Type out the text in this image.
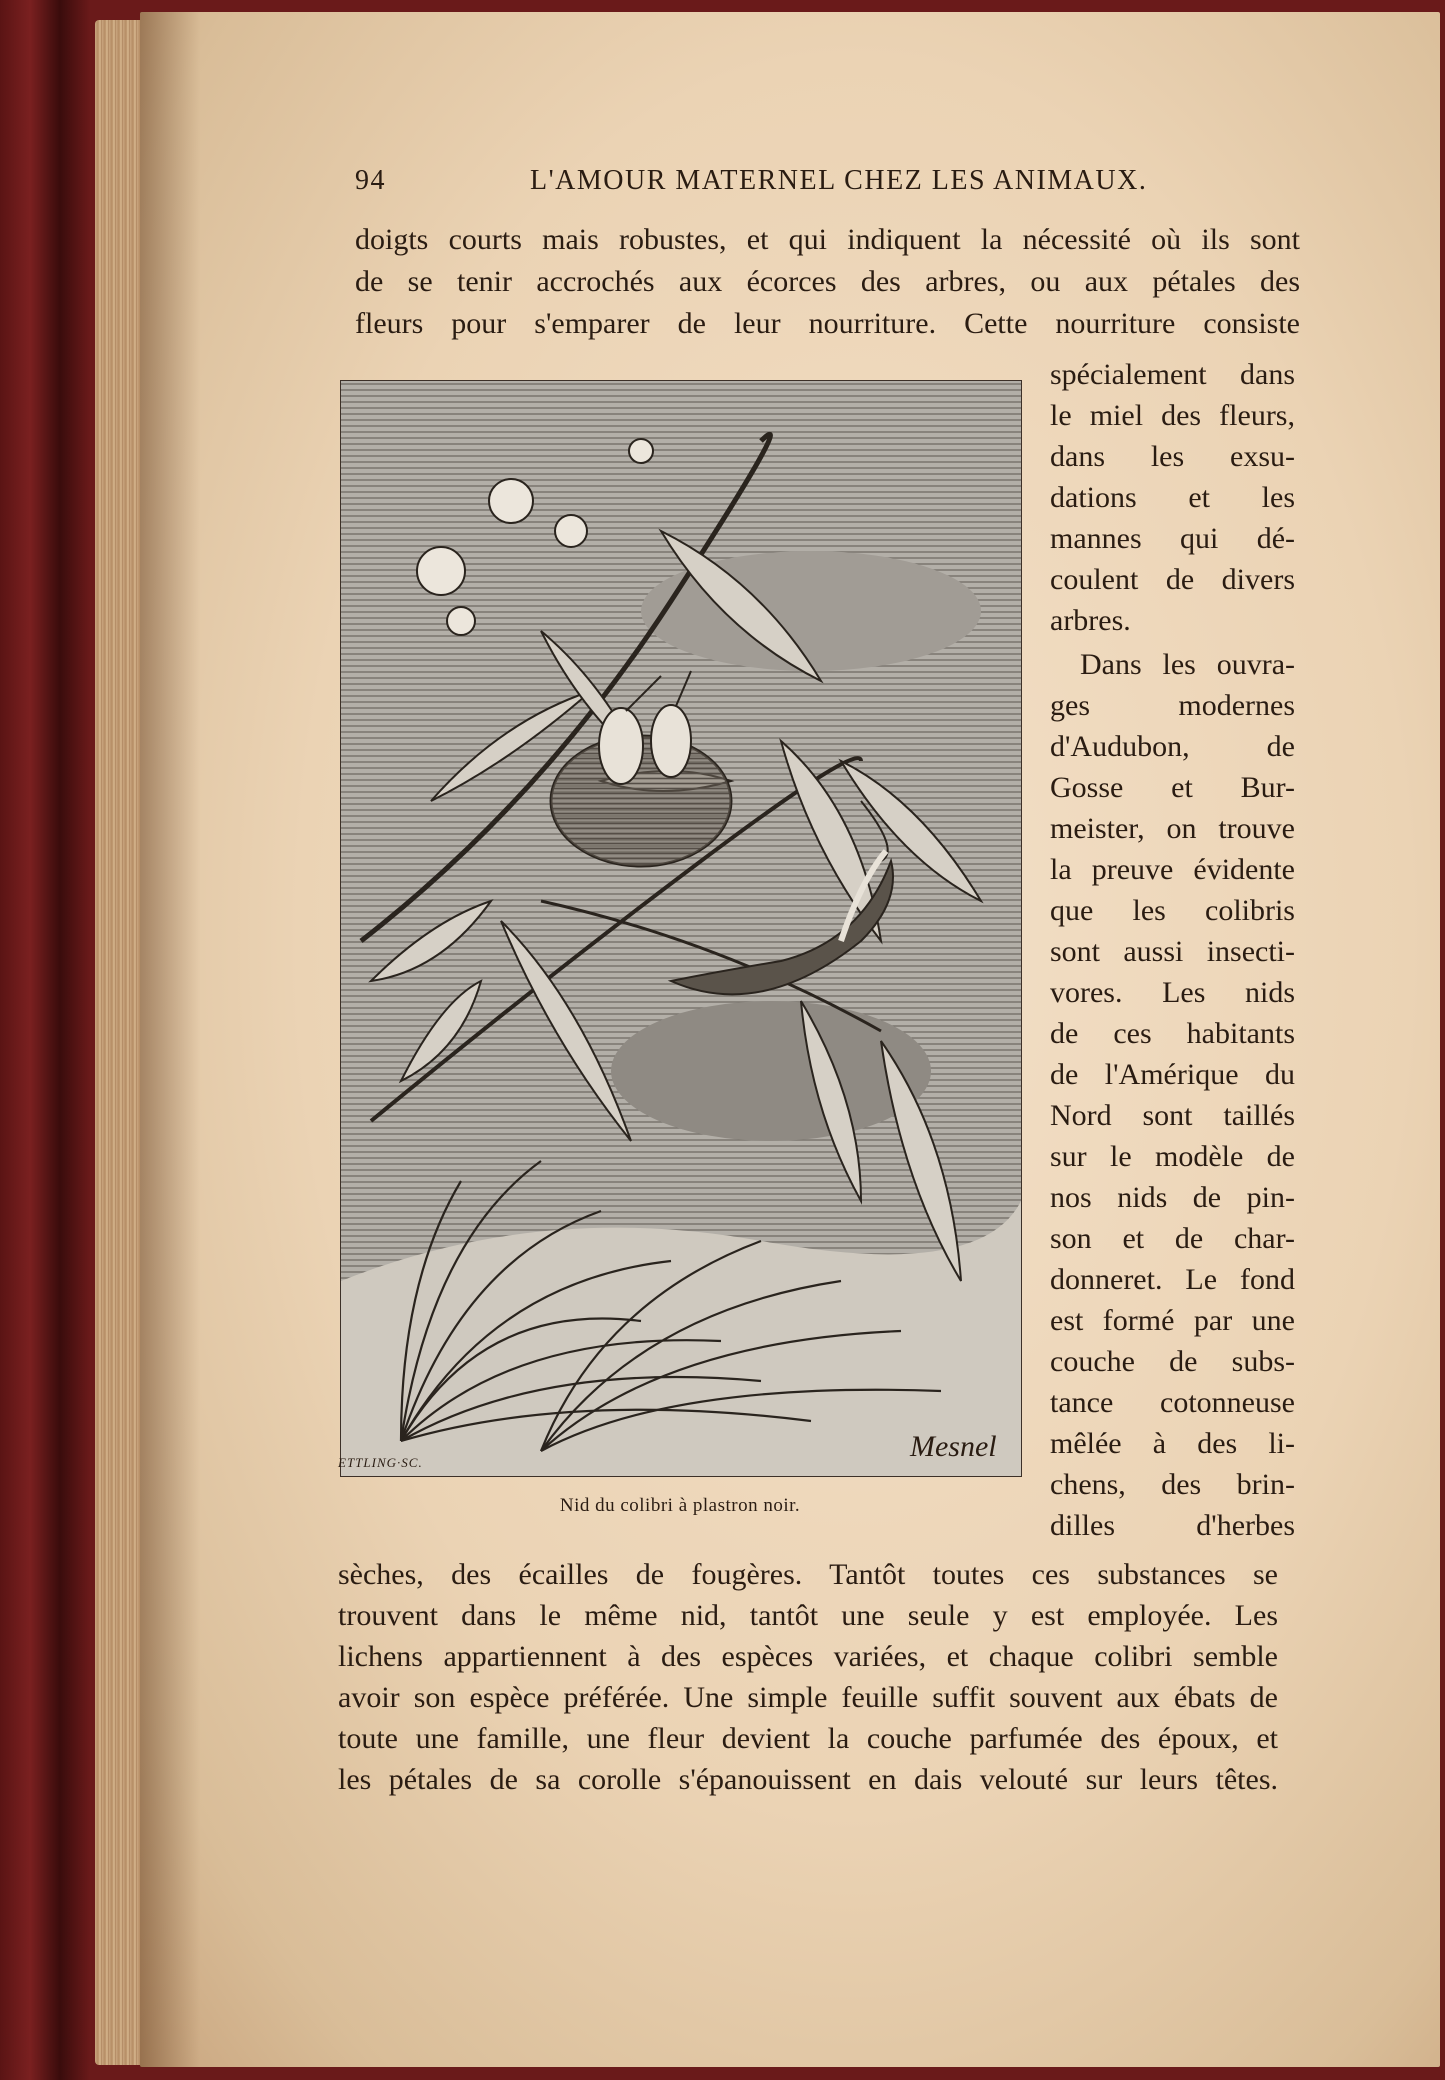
94	L'AMOUR MATERNEL CHEZ LES ANIMAUX.
doigts courts mais robustes, et qui indiquent la nécessité où ils sont
de se tenir accrochés aux écorces des arbres, ou aux pétales des
fleurs pour s'emparer de leur nourriture. Cette nourriture consiste
ETTLING·SC.	Mesnel
Nid du colibri à plastron noir.
spécialement dans
le miel des fleurs,
dans les exsu-
dations et les
mannes qui dé-
coulent de divers
arbres.
Dans les ouvra-
ges modernes
d'Audubon, de
Gosse et Bur-
meister, on trouve
la preuve évidente
que les colibris
sont aussi insecti-
vores. Les nids
de ces habitants
de l'Amérique du
Nord sont taillés
sur le modèle de
nos nids de pin-
son et de char-
donneret. Le fond
est formé par une
couche de subs-
tance cotonneuse
mêlée à des li-
chens, des brin-
dilles d'herbes
sèches, des écailles de fougères. Tantôt toutes ces substances se
trouvent dans le même nid, tantôt une seule y est employée. Les
lichens appartiennent à des espèces variées, et chaque colibri semble
avoir son espèce préférée. Une simple feuille suffit souvent aux ébats de
toute une famille, une fleur devient la couche parfumée des époux, et
les pétales de sa corolle s'épanouissent en dais velouté sur leurs têtes.
